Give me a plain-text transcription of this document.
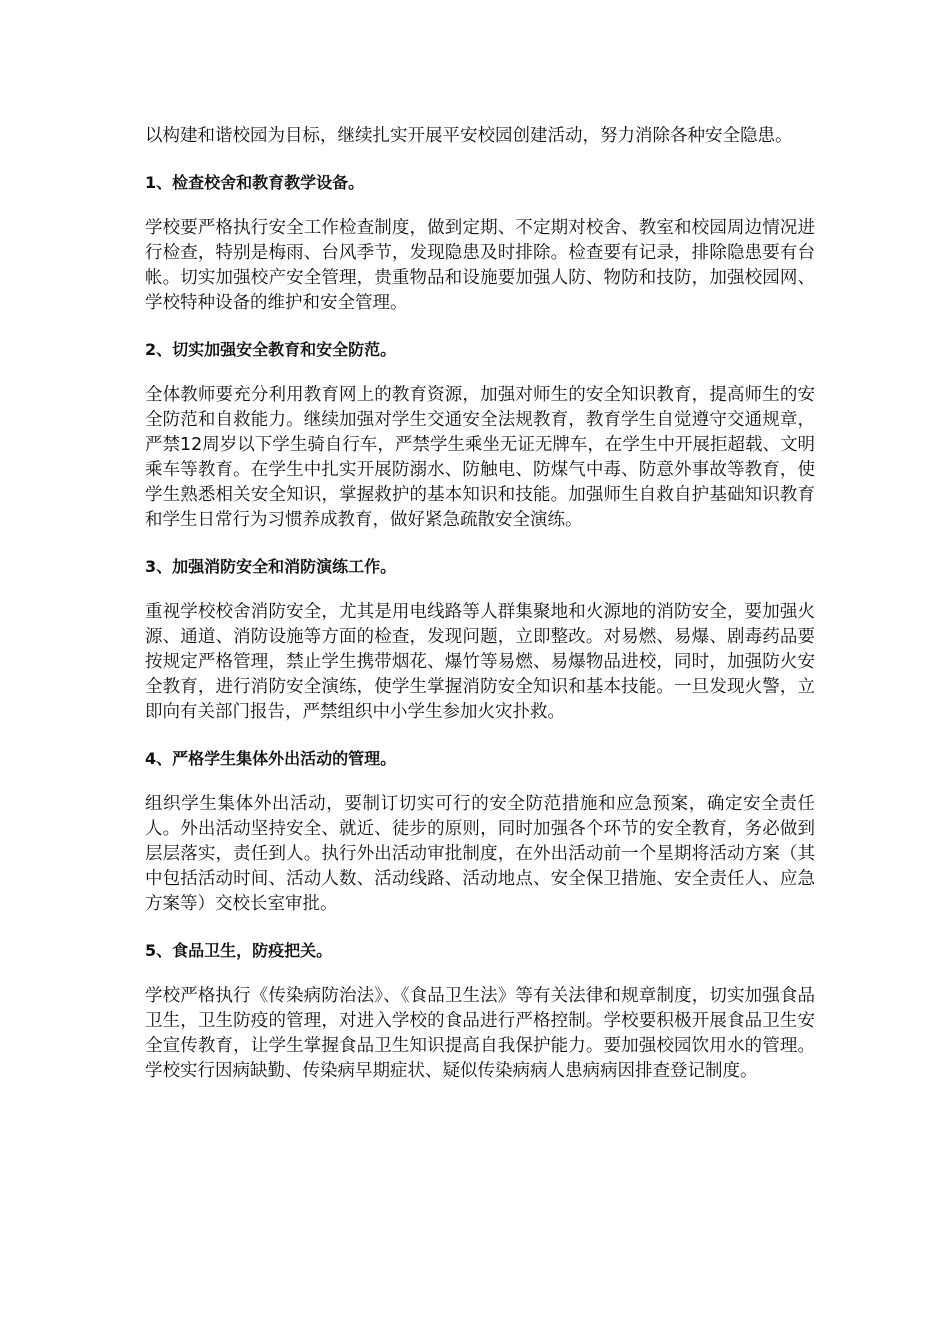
以构建和谐校园为目标，继续扎实开展平安校园创建活动，努力消除各种安全隐患。

1、检查校舍和教育教学设备。

学校要严格执行安全工作检查制度，做到定期、不定期对校舍、教室和校园周边情况进行检查，特别是梅雨、台风季节，发现隐患及时排除。检查要有记录，排除隐患要有台帐。切实加强校产安全管理，贵重物品和设施要加强人防、物防和技防，加强校园网、学校特种设备的维护和安全管理。

2、切实加强安全教育和安全防范。

全体教师要充分利用教育网上的教育资源，加强对师生的安全知识教育，提高师生的安全防范和自救能力。继续加强对学生交通安全法规教育，教育学生自觉遵守交通规章，严禁12周岁以下学生骑自行车，严禁学生乘坐无证无牌车，在学生中开展拒超载、文明乘车等教育。在学生中扎实开展防溺水、防触电、防煤气中毒、防意外事故等教育，使学生熟悉相关安全知识，掌握救护的基本知识和技能。加强师生自救自护基础知识教育和学生日常行为习惯养成教育，做好紧急疏散安全演练。

3、加强消防安全和消防演练工作。

重视学校校舍消防安全，尤其是用电线路等人群集聚地和火源地的消防安全，要加强火源、通道、消防设施等方面的检查，发现问题，立即整改。对易燃、易爆、剧毒药品要按规定严格管理，禁止学生携带烟花、爆竹等易燃、易爆物品进校，同时，加强防火安全教育，进行消防安全演练，使学生掌握消防安全知识和基本技能。一旦发现火警，立即向有关部门报告，严禁组织中小学生参加火灾扑救。

4、严格学生集体外出活动的管理。

组织学生集体外出活动，要制订切实可行的安全防范措施和应急预案，确定安全责任人。外出活动坚持安全、就近、徒步的原则，同时加强各个环节的安全教育，务必做到层层落实，责任到人。执行外出活动审批制度，在外出活动前一个星期将活动方案（其中包括活动时间、活动人数、活动线路、活动地点、安全保卫措施、安全责任人、应急方案等）交校长室审批。

5、食品卫生，防疫把关。

学校严格执行《传染病防治法》、《食品卫生法》等有关法律和规章制度，切实加强食品卫生，卫生防疫的管理，对进入学校的食品进行严格控制。学校要积极开展食品卫生安全宣传教育，让学生掌握食品卫生知识提高自我保护能力。要加强校园饮用水的管理。学校实行因病缺勤、传染病早期症状、疑似传染病病人患病病因排查登记制度。
